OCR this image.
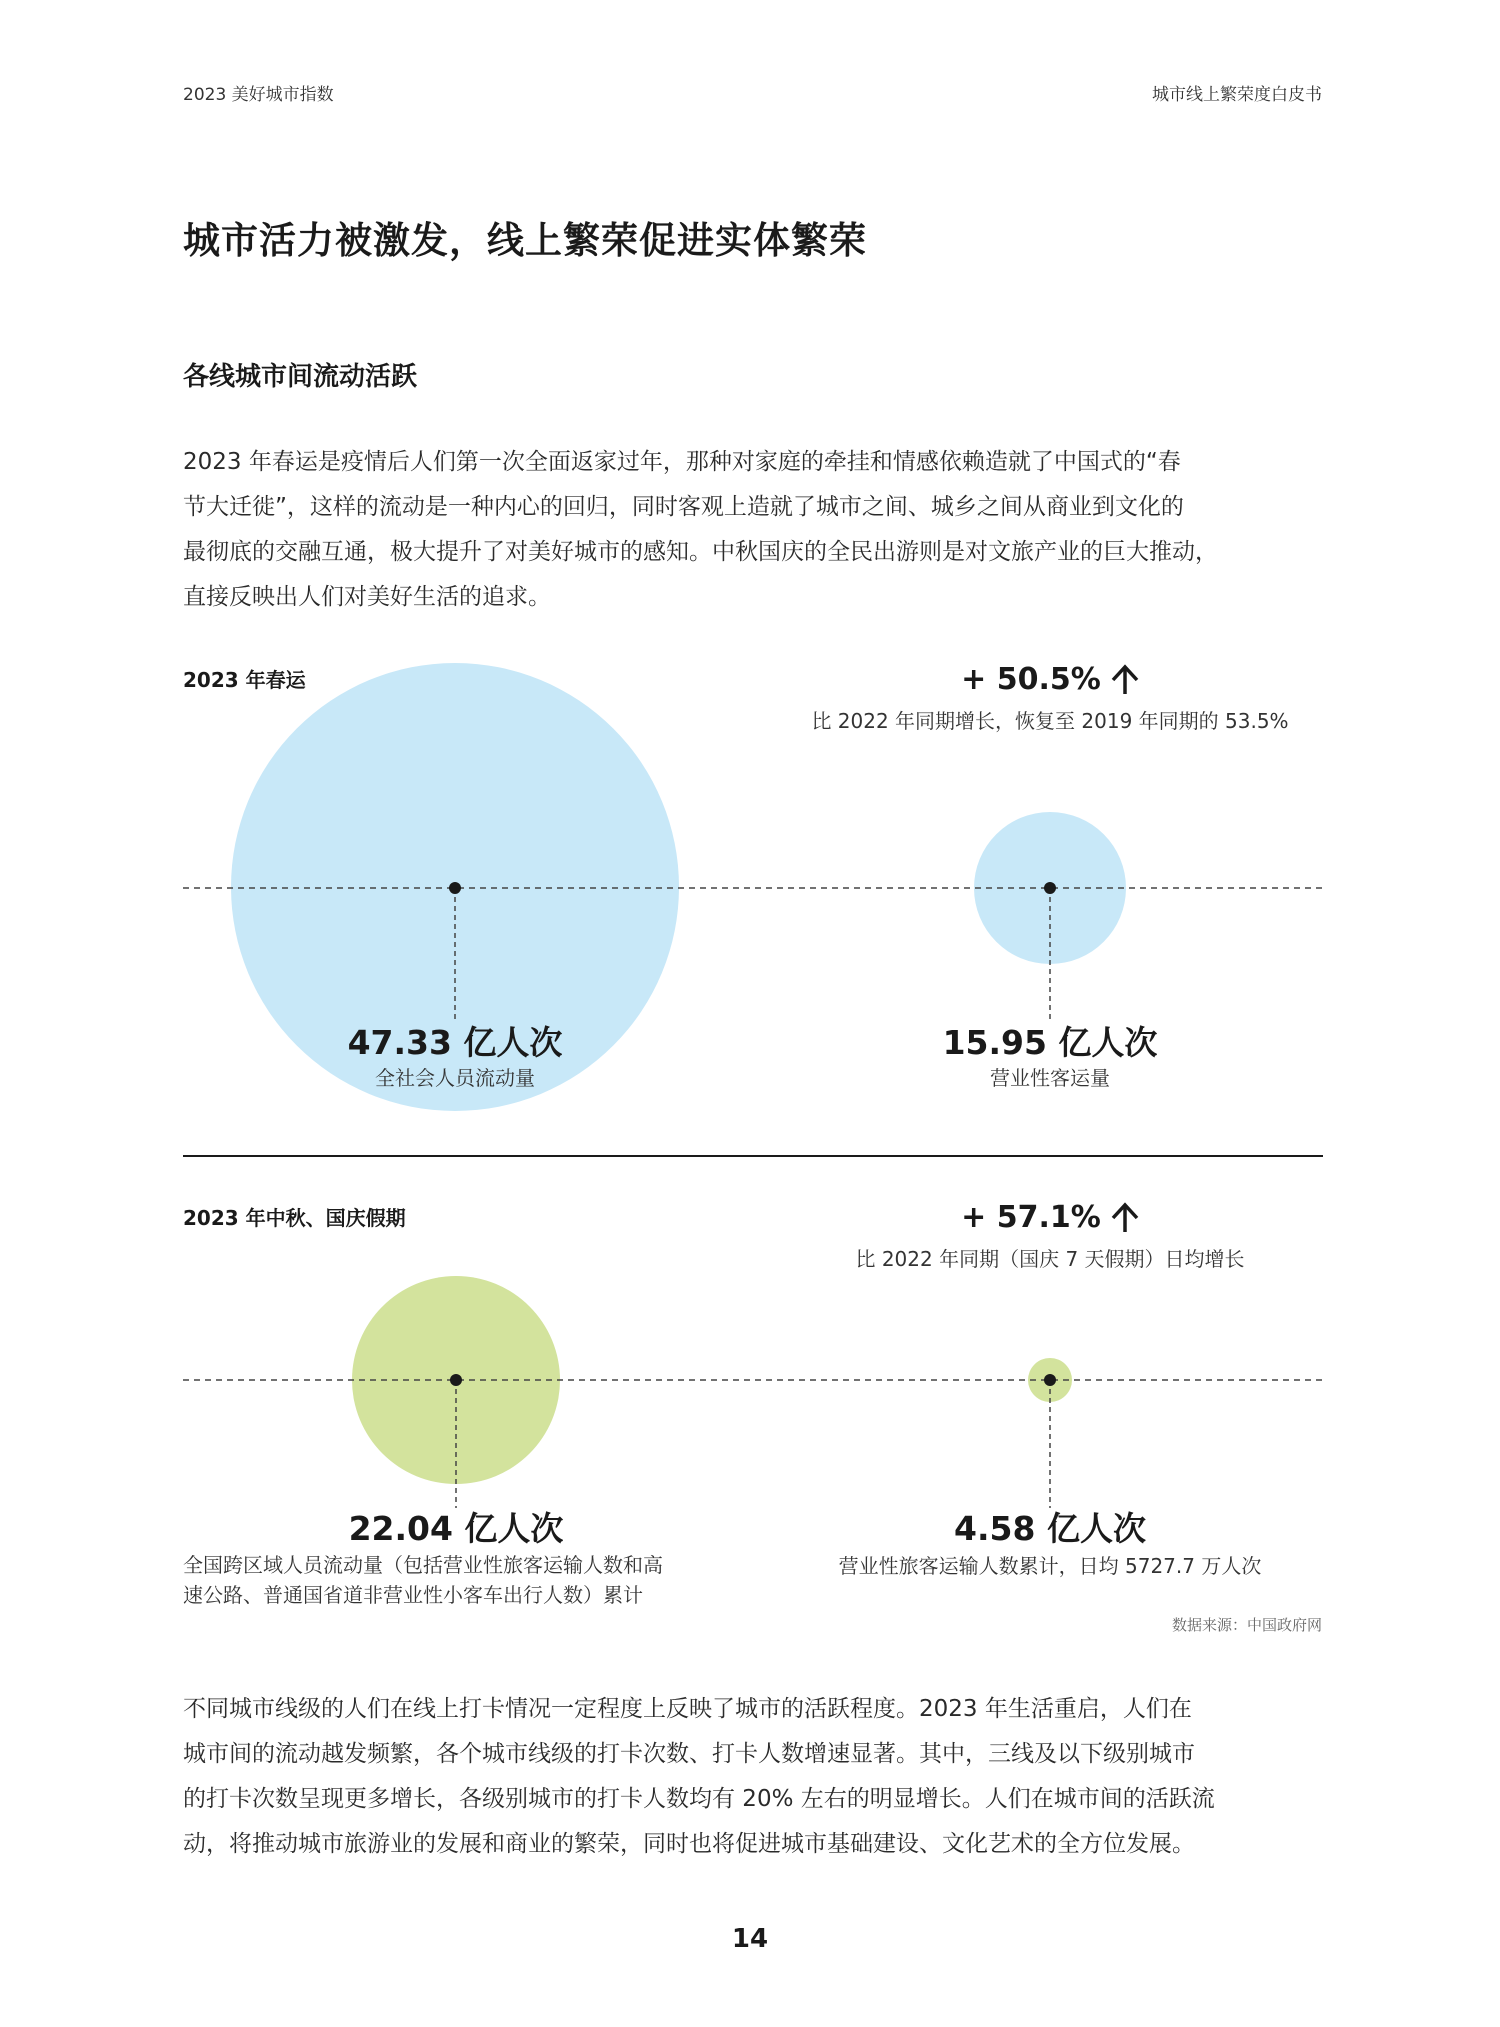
2023 美好城市指数	城市线上繁荣度白皮书
城市活力被激发，线上繁荣促进实体繁荣
各线城市间流动活跃
2023 年春运是疫情后人们第一次全面返家过年，那种对家庭的牵挂和情感依赖造就了中国式的“春
节大迁徙”，这样的流动是一种内心的回归，同时客观上造就了城市之间、城乡之间从商业到文化的
最彻底的交融互通，极大提升了对美好城市的感知。中秋国庆的全民出游则是对文旅产业的巨大推动，
直接反映出人们对美好生活的追求。
2023 年春运	+ 50.5%
比 2022 年同期增长，恢复至 2019 年同期的 53.5%
47.33 亿人次
全社会人员流动量
15.95 亿人次
营业性客运量
2023 年中秋、国庆假期	+ 57.1%
比 2022 年同期（国庆 7 天假期）日均增长
22.04 亿人次
全国跨区域人员流动量（包括营业性旅客运输人数和高
速公路、普通国省道非营业性小客车出行人数）累计
4.58 亿人次
营业性旅客运输人数累计，日均 5727.7 万人次
数据来源：中国政府网
不同城市线级的人们在线上打卡情况一定程度上反映了城市的活跃程度。2023 年生活重启，人们在
城市间的流动越发频繁，各个城市线级的打卡次数、打卡人数增速显著。其中，三线及以下级别城市
的打卡次数呈现更多增长，各级别城市的打卡人数均有 20% 左右的明显增长。人们在城市间的活跃流
动，将推动城市旅游业的发展和商业的繁荣，同时也将促进城市基础建设、文化艺术的全方位发展。
14
